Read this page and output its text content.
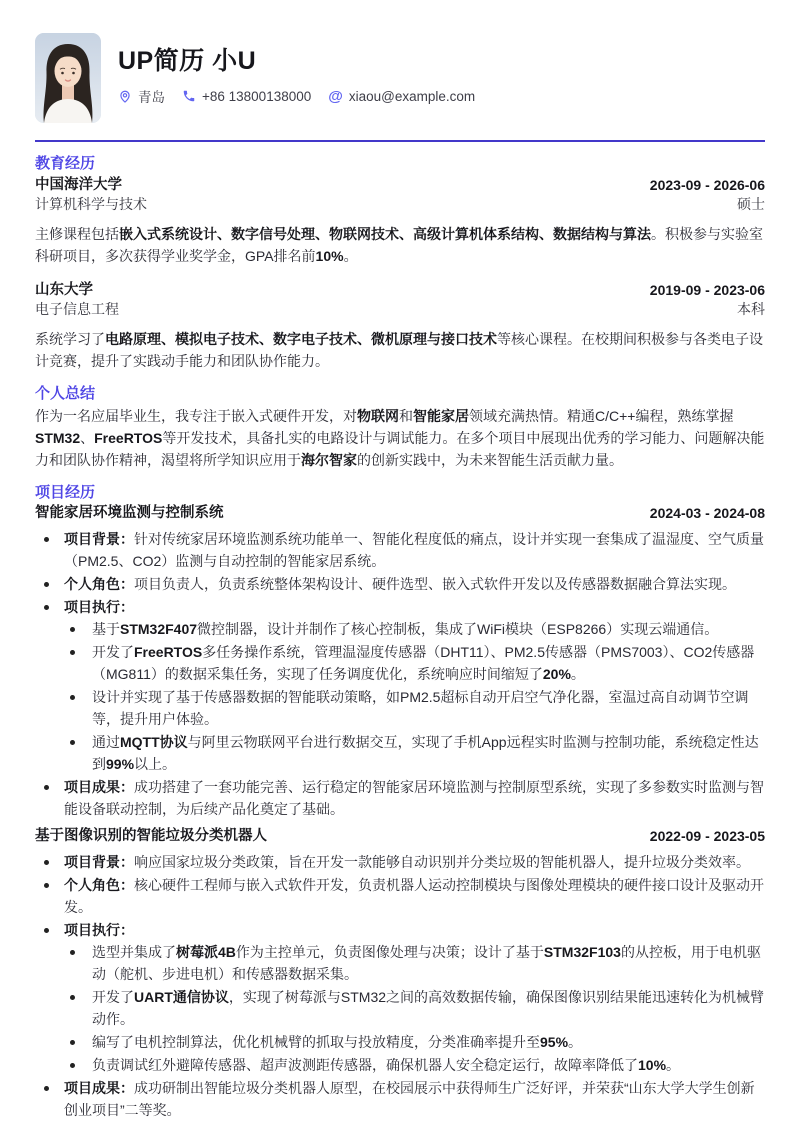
UP简历 小U
青岛	+86 13800138000 @ xiaou@example.com
教育经历
中国海洋大学	2023-09 - 2026-06
计算机科学与技术	硕士

主修课程包括嵌入式系统设计、数字信号处理、物联网技术、高级计算机体系结构、数据结构与算法。积极参与实验室科研项目，多次获得学业奖学金，GPA排名前10%。

山东大学	2019-09 - 2023-06
电子信息工程	本科

系统学习了电路原理、模拟电子技术、数字电子技术、微机原理与接口技术等核心课程。在校期间积极参与各类电子设计竞赛，提升了实践动手能力和团队协作能力。

个人总结

作为一名应届毕业生，我专注于嵌入式硬件开发，对物联网和智能家居领域充满热情。精通C/C++编程，熟练掌握STM32、FreeRTOS等开发技术，具备扎实的电路设计与调试能力。在多个项目中展现出优秀的学习能力、问题解决能力和团队协作精神，渴望将所学知识应用于海尔智家的创新实践中，为未来智能生活贡献力量。

项目经历
智能家居环境监测与控制系统	2024-03 - 2024-08

项目背景：针对传统家居环境监测系统功能单一、智能化程度低的痛点，设计并实现一套集成了温湿度、空气质量（PM2.5、CO2）监测与自动控制的智能家居系统。

个人角色：项目负责人，负责系统整体架构设计、硬件选型、嵌入式软件开发以及传感器数据融合算法实现。

项目执行：

基于STM32F407微控制器，设计并制作了核心控制板，集成了WiFi模块（ESP8266）实现云端通信。

开发了FreeRTOS多任务操作系统，管理温湿度传感器（DHT11）、PM2.5传感器（PMS7003）、CO2传感器（MG811）的数据采集任务，实现了任务调度优化，系统响应时间缩短了20%。

设计并实现了基于传感器数据的智能联动策略，如PM2.5超标自动开启空气净化器，室温过高自动调节空调等，提升用户体验。

通过MQTT协议与阿里云物联网平台进行数据交互，实现了手机App远程实时监测与控制功能，系统稳定性达到99%以上。

项目成果：成功搭建了一套功能完善、运行稳定的智能家居环境监测与控制原型系统，实现了多参数实时监测与智能设备联动控制，为后续产品化奠定了基础。

基于图像识别的智能垃圾分类机器人	2022-09 - 2023-05

项目背景：响应国家垃圾分类政策，旨在开发一款能够自动识别并分类垃圾的智能机器人，提升垃圾分类效率。

个人角色：核心硬件工程师与嵌入式软件开发，负责机器人运动控制模块与图像处理模块的硬件接口设计及驱动开发。

项目执行：

选型并集成了树莓派4B作为主控单元，负责图像处理与决策；设计了基于STM32F103的从控板，用于电机驱动（舵机、步进电机）和传感器数据采集。

开发了UART通信协议，实现了树莓派与STM32之间的高效数据传输，确保图像识别结果能迅速转化为机械臂动作。

编写了电机控制算法，优化机械臂的抓取与投放精度，分类准确率提升至95%。

负责调试红外避障传感器、超声波测距传感器，确保机器人安全稳定运行，故障率降低了10%。

项目成果：成功研制出智能垃圾分类机器人原型，在校园展示中获得师生广泛好评，并荣获“山东大学大学生创新创业项目”二等奖。
